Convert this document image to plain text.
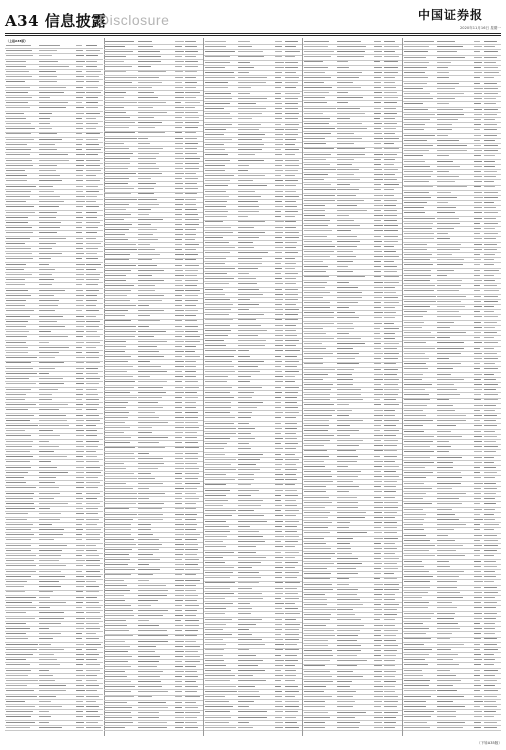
A34 信息披露
Disclosure	中国证券报
2020年11月16日 星期一
（上接A33版）
（下转A35版）
